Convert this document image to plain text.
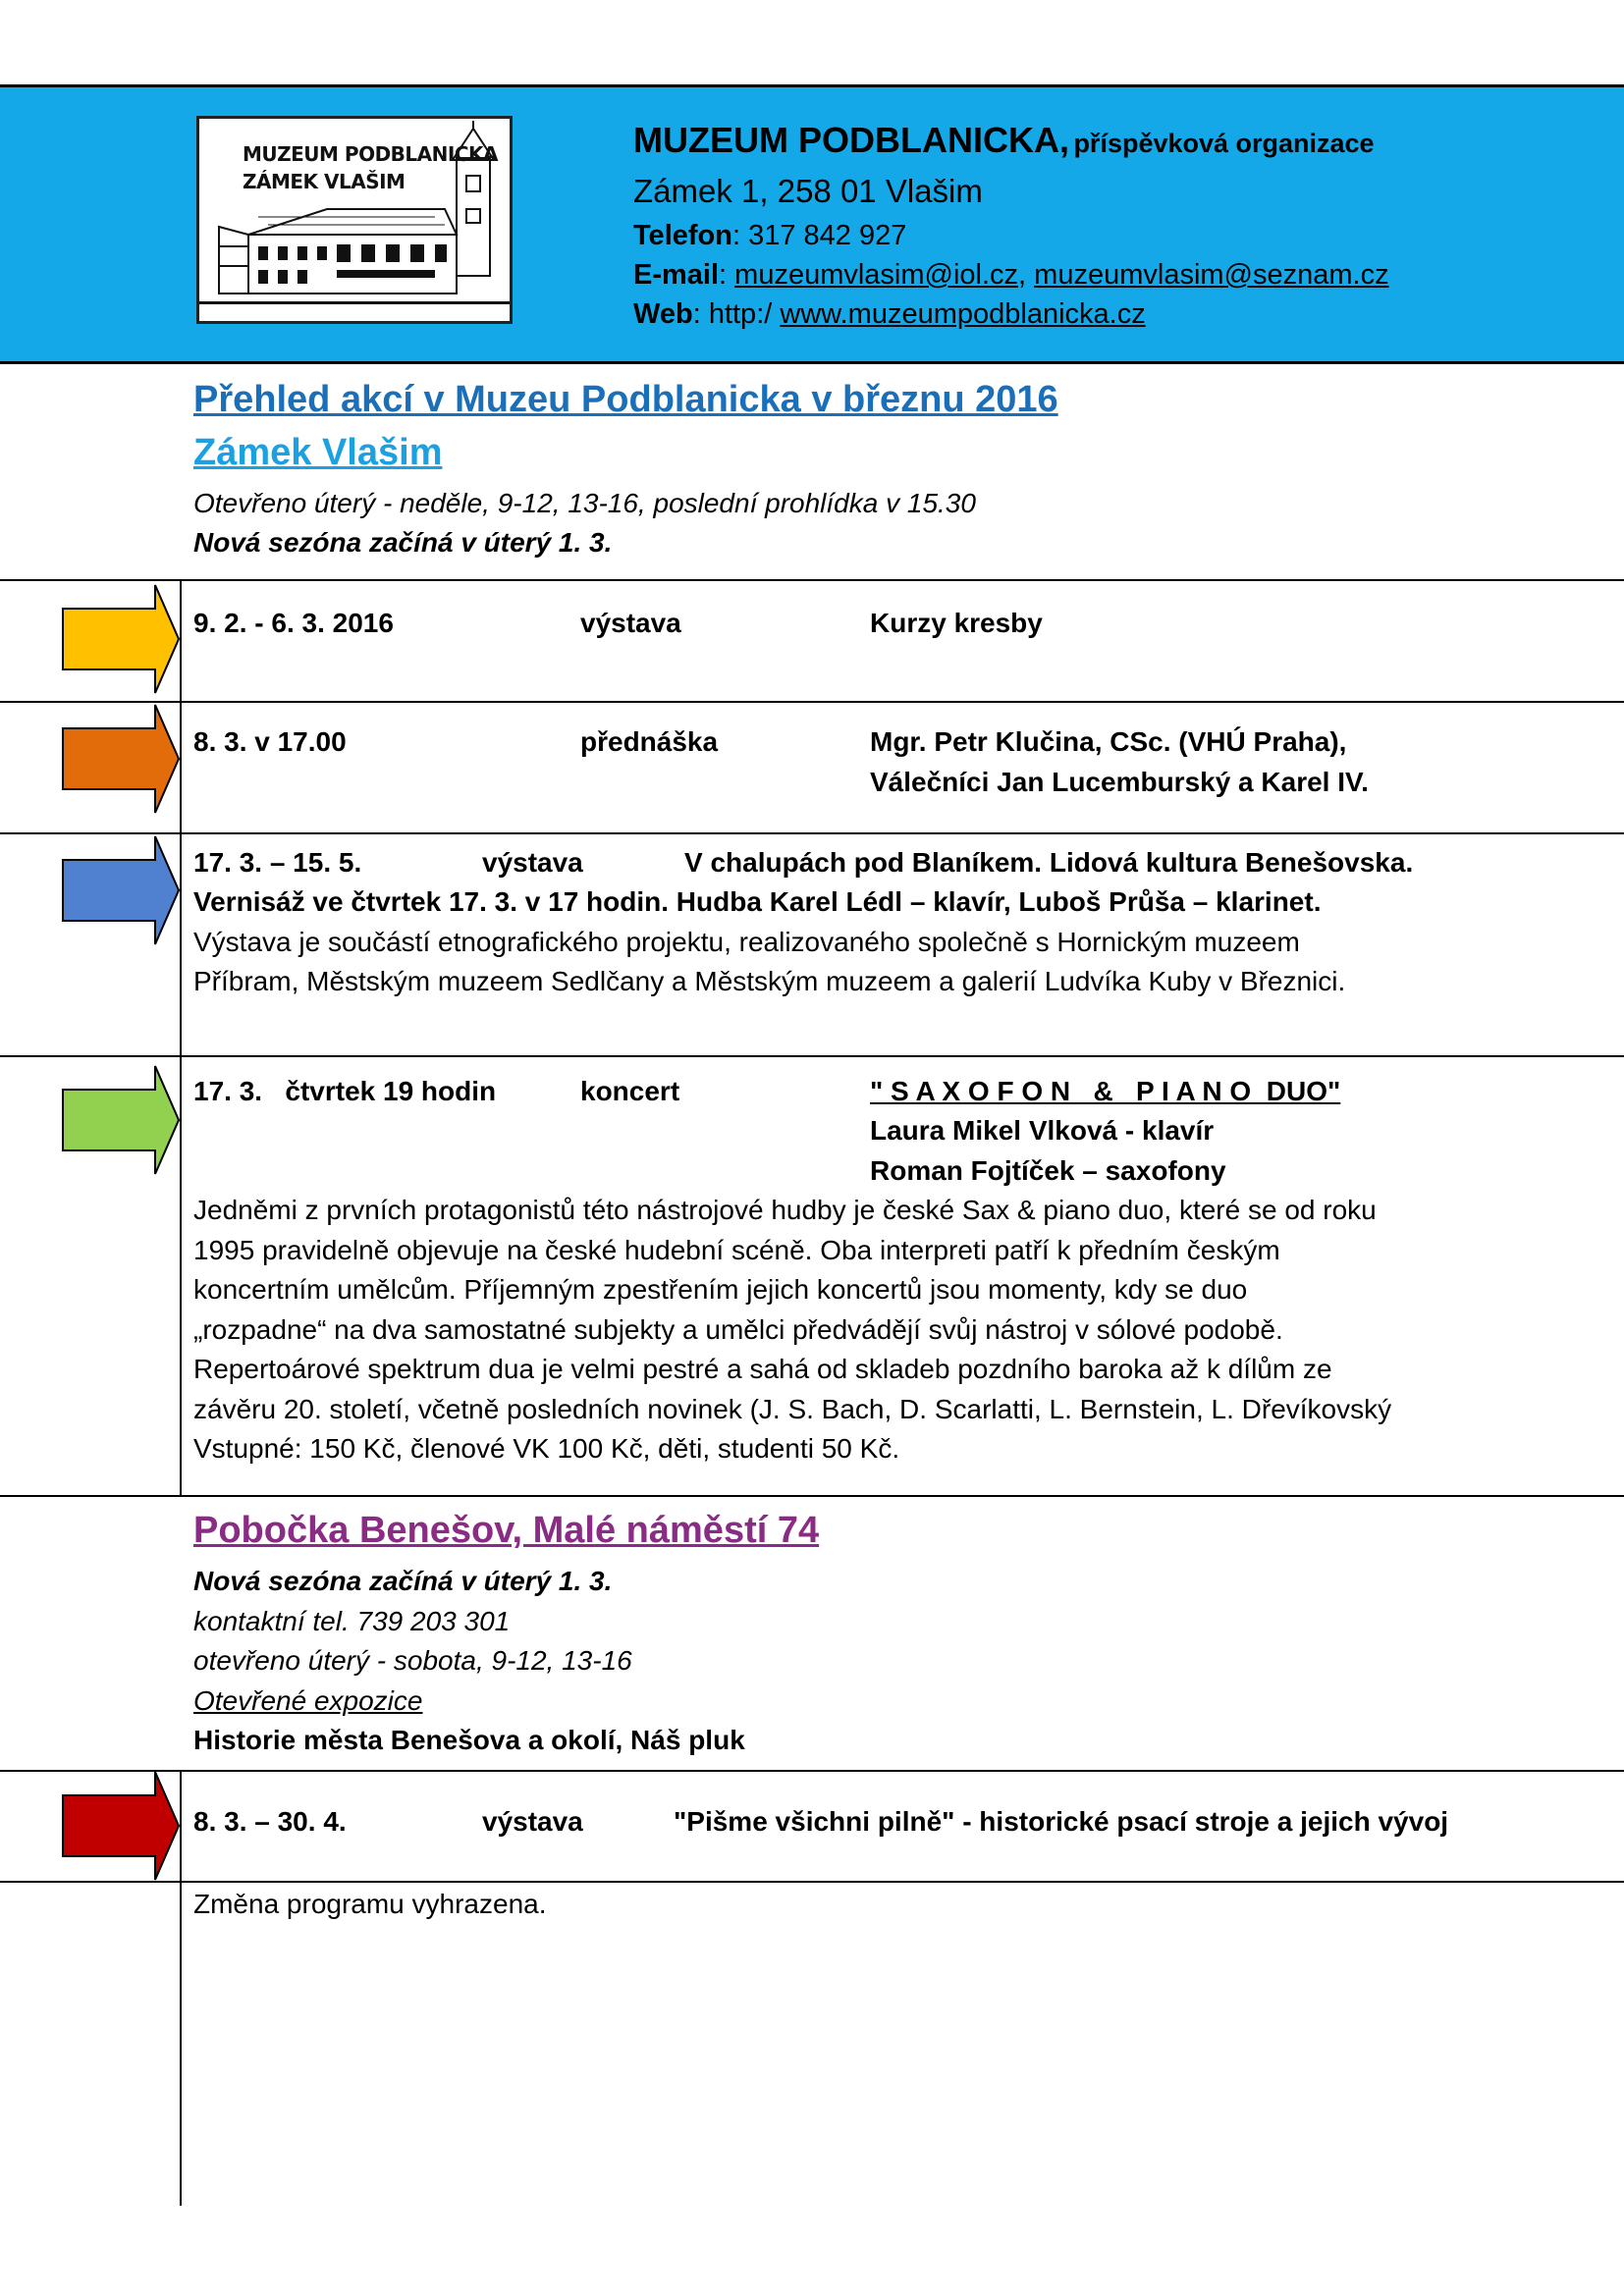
MUZEUM PODBLANICKA
ZÁMEK VLAŠIM
MUZEUM PODBLANICKA, příspěvková organizace
Zámek 1, 258 01 Vlašim
Telefon: 317 842 927
E-mail: muzeumvlasim@iol.cz, muzeumvlasim@seznam.cz
Web: http:/ www.muzeumpodblanicka.cz
Přehled akcí v Muzeu Podblanicka v březnu 2016
Zámek Vlašim
Otevřeno úterý - neděle, 9-12, 13-16, poslední prohlídka v 15.30
Nová sezóna začíná v úterý 1. 3.
9. 2. - 6. 3. 2016	výstava	Kurzy kresby
8. 3. v 17.00	přednáška	Mgr. Petr Klučina, CSc. (VHÚ Praha),
Válečníci Jan Lucemburský a Karel IV.
17. 3. – 15. 5.	výstava	V chalupách pod Blaníkem. Lidová kultura Benešovska.
Vernisáž ve čtvrtek 17. 3. v 17 hodin. Hudba Karel Lédl – klavír, Luboš Průša – klarinet.
Výstava je součástí etnografického projektu, realizovaného společně s Hornickým muzeem
Příbram, Městským muzeem Sedlčany a Městským muzeem a galerií Ludvíka Kuby v Březnici.
17. 3.   čtvrtek 19 hodin	koncert	" S A X O F O N   &   P I A N O  DUO"
Laura Mikel Vlková - klavír
Roman Fojtíček – saxofony
Jedněmi z prvních protagonistů této nástrojové hudby je české Sax & piano duo, které se od roku
1995 pravidelně objevuje na české hudební scéně. Oba interpreti patří k předním českým
koncertním umělcům. Příjemným zpestřením jejich koncertů jsou momenty, kdy se duo
„rozpadne“ na dva samostatné subjekty a umělci předvádějí svůj nástroj v sólové podobě.
Repertoárové spektrum dua je velmi pestré a sahá od skladeb pozdního baroka až k dílům ze
závěru 20. století, včetně posledních novinek (J. S. Bach, D. Scarlatti, L. Bernstein, L. Dřevíkovský
Vstupné: 150 Kč, členové VK 100 Kč, děti, studenti 50 Kč.
Pobočka Benešov, Malé náměstí 74
Nová sezóna začíná v úterý 1. 3.
kontaktní tel. 739 203 301
otevřeno úterý - sobota, 9-12, 13-16
Otevřené expozice
Historie města Benešova a okolí, Náš pluk
8. 3. – 30. 4.	výstava	"Pišme všichni pilně" - historické psací stroje a jejich vývoj
Změna programu vyhrazena.
